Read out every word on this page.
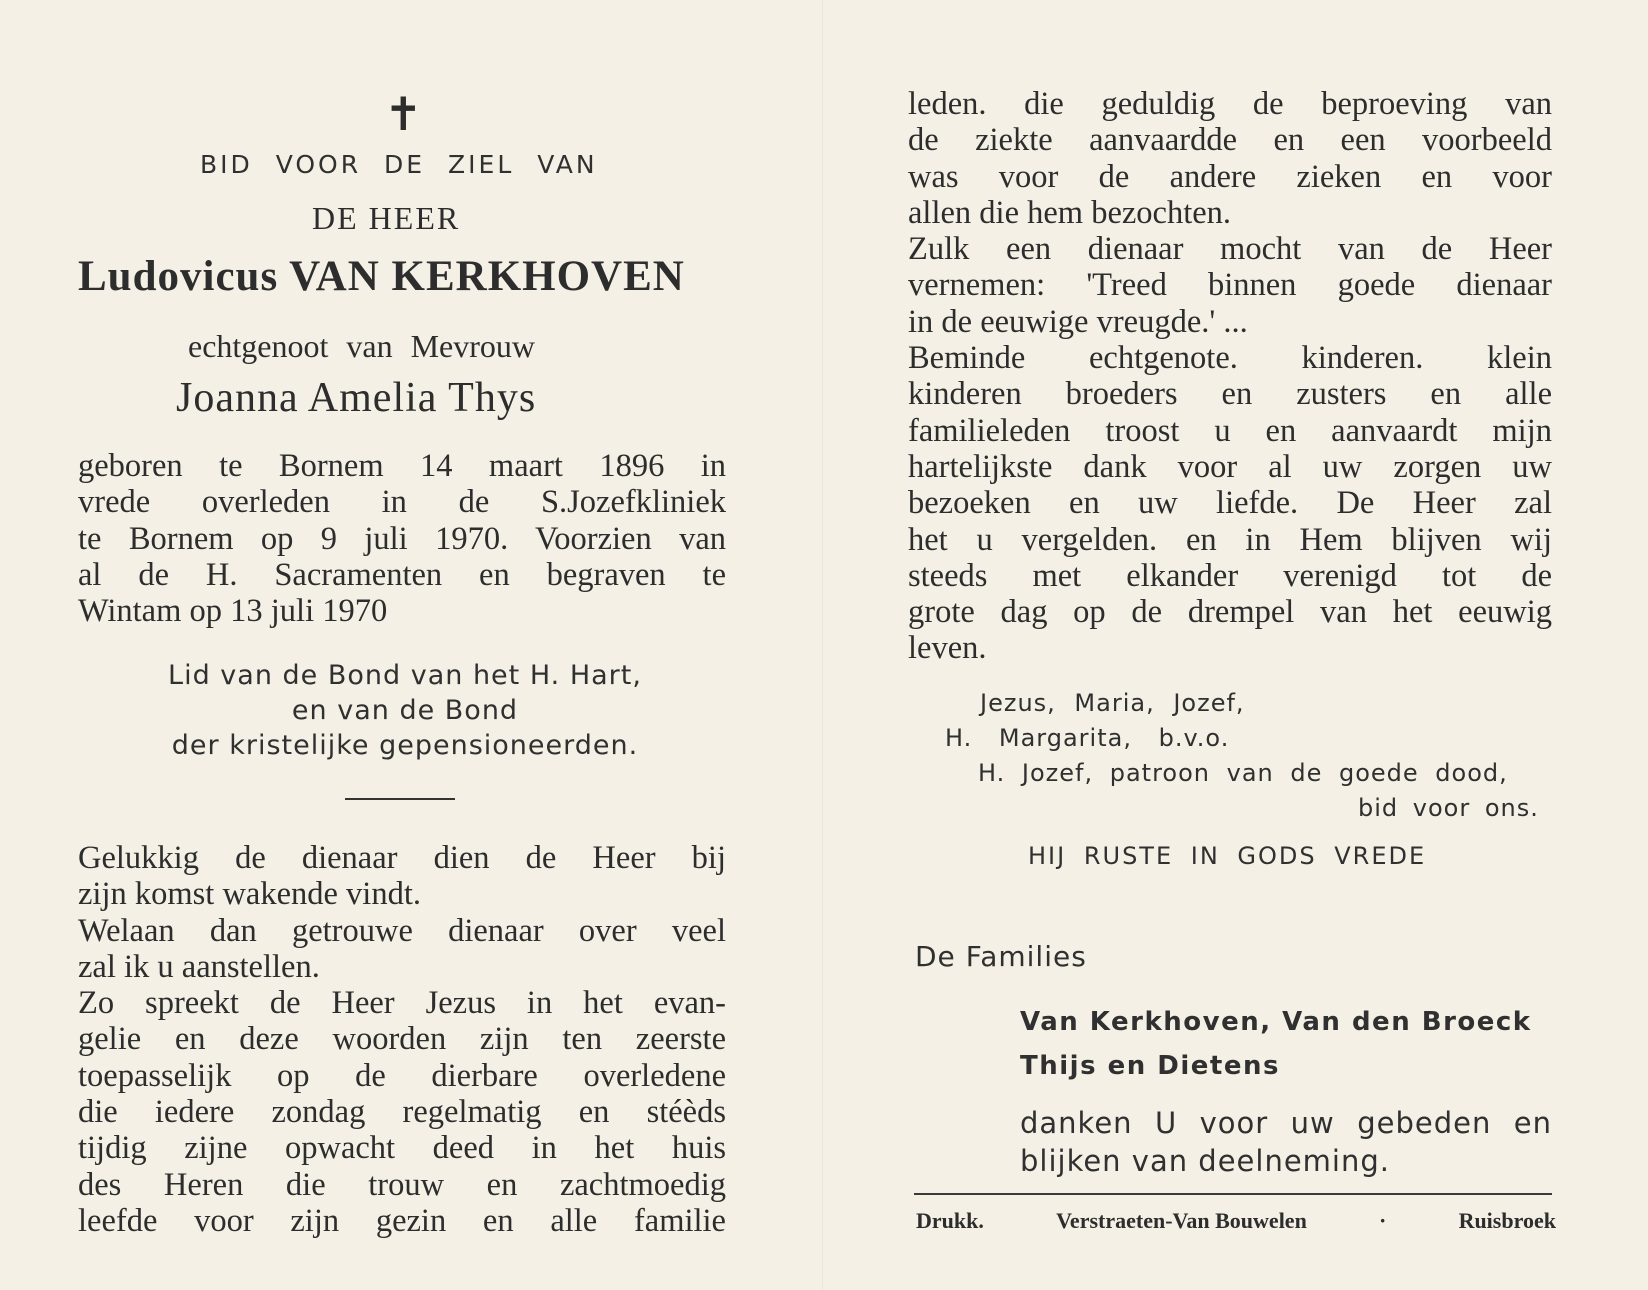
✝
BID VOOR DE ZIEL VAN
DE HEER
Ludovicus VAN KERKHOVEN
echtgenoot van Mevrouw
Joanna Amelia Thys
geboren te Bornem 14 maart 1896 in
vrede overleden in de S.Jozefkliniek
te Bornem op 9 juli 1970. Voorzien van
al de H. Sacramenten en begraven te
Wintam op 13 juli 1970
Lid van de Bond van het H. Hart,
en van de Bond
der kristelijke gepensioneerden.
Gelukkig de dienaar dien de Heer bij
zijn komst wakende vindt.
Welaan dan getrouwe dienaar over veel
zal ik u aanstellen.
Zo spreekt de Heer Jezus in het evan-
gelie en deze woorden zijn ten zeerste
toepasselijk op de dierbare overledene
die iedere zondag regelmatig en stéèds
tijdig zijne opwacht deed in het huis
des Heren die trouw en zachtmoedig
leefde voor zijn gezin en alle familie
leden. die geduldig de beproeving van
de ziekte aanvaardde en een voorbeeld
was voor de andere zieken en voor
allen die hem bezochten.
Zulk een dienaar mocht van de Heer
vernemen: 'Treed binnen goede dienaar
in de eeuwige vreugde.' ...
Beminde echtgenote. kinderen. klein
kinderen broeders en zusters en alle
familieleden troost u en aanvaardt mijn
hartelijkste dank voor al uw zorgen uw
bezoeken en uw liefde. De Heer zal
het u vergelden. en in Hem blijven wij
steeds met elkander verenigd tot de
grote dag op de drempel van het eeuwig
leven.
Jezus, Maria, Jozef,
H. Margarita, b.v.o.
H. Jozef, patroon van de goede dood,
bid voor ons.
HIJ RUSTE IN GODS VREDE
De Families
Van Kerkhoven, Van den Broeck
Thijs en Dietens
danken U voor uw gebeden en
blijken van deelneming.
Drukk.	Verstraeten-Van Bouwelen	·	Ruisbroek
